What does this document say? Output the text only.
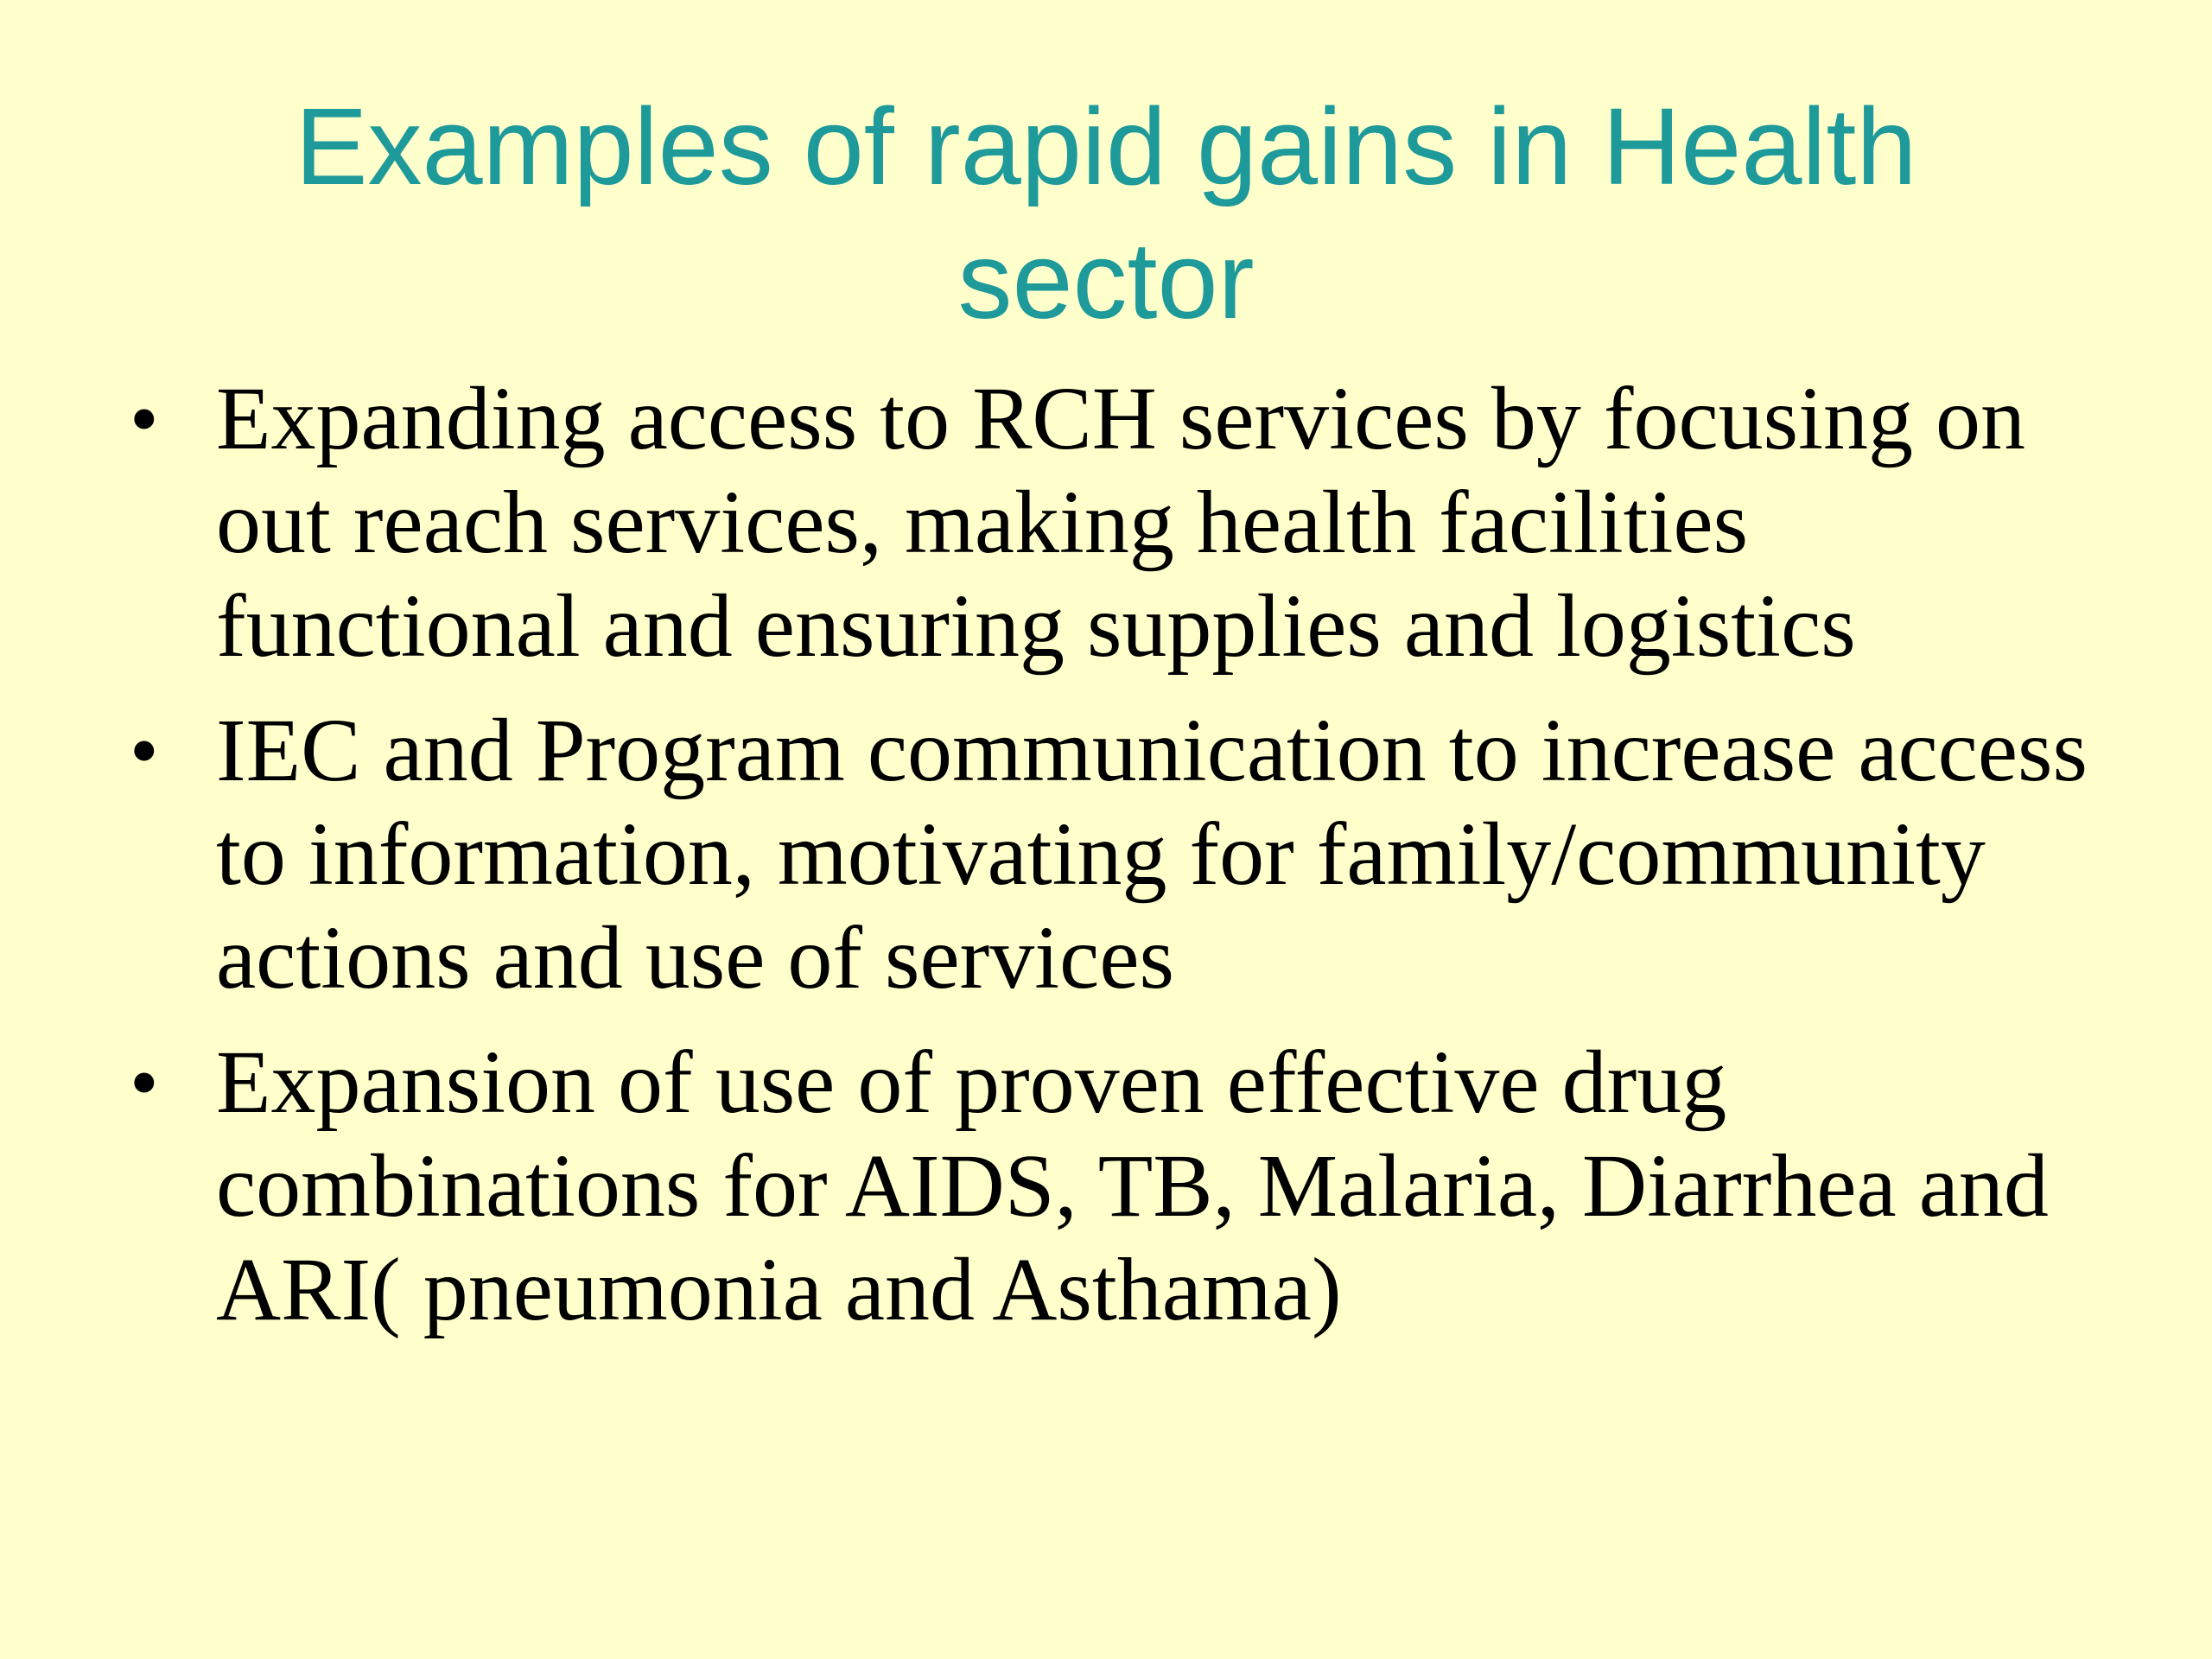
Examples of rapid gains in Health
sector
• Expanding access to RCH services by focusing on out reach services, making health facilities functional and ensuring supplies and logistics
• IEC and Program communication to increase access to information, motivating for family/community actions and use of services
• Expansion of use of proven effective drug combinations for AIDS, TB, Malaria, Diarrhea and ARI( pneumonia and Asthama)
